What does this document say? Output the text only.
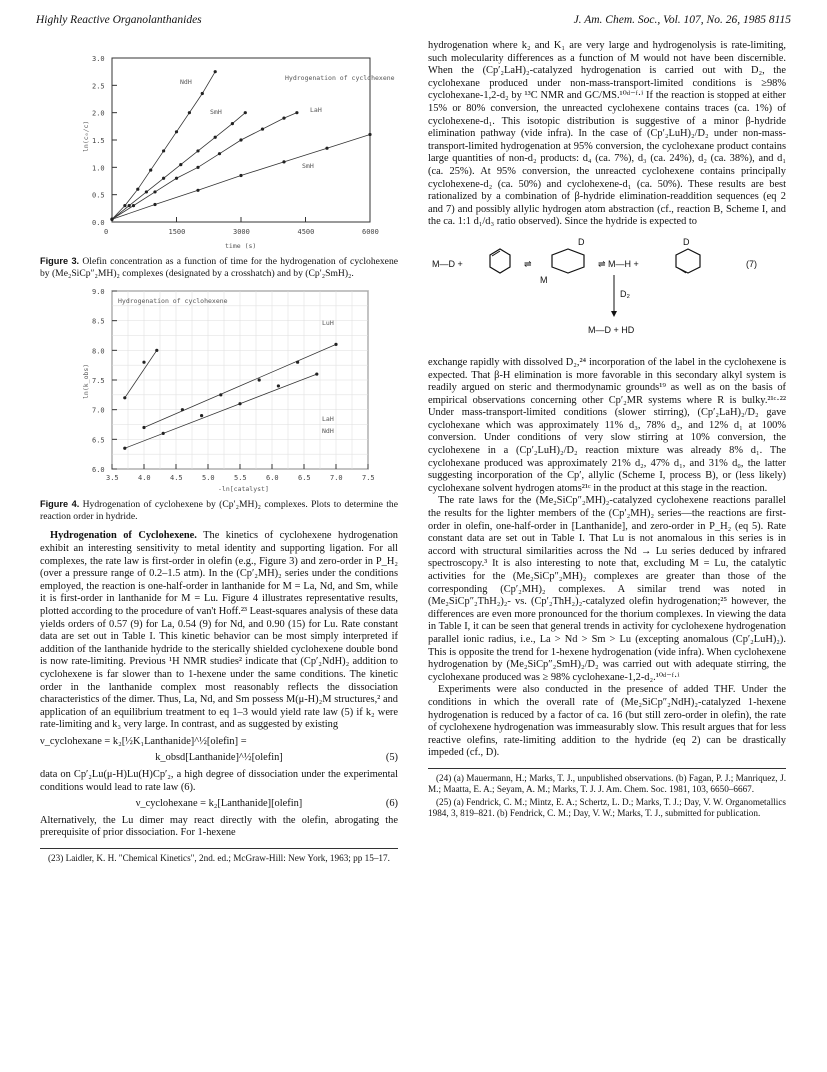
Highly Reactive Organolanthanides	J. Am. Chem. Soc., Vol. 107, No. 26, 1985 8115
0.0
0.5
1.0
1.5
2.0
2.5
3.0
0	1500	3000	4500	6000
Hydrogenation of cyclohexene
NdH
SmH	LaH
SmH
ln(c₀/c)
time (s)
Figure 3. Olefin concentration as a function of time for the hydrogenation of cyclohexene by (Me₂SiCp″₂MH)₂ complexes (designated by a crosshatch) and by (Cp′₂SmH)₂.
6.0
6.5
7.0
7.5
8.0
8.5
9.0
3.5	4.0	4.5	5.0	5.5	6.0	6.5	7.0	7.5
Hydrogenation of cyclohexene
LuH
LaH
NdH
ln(k_obs)
-ln[catalyst]
Figure 4. Hydrogenation of cyclohexene by (Cp′₂MH)₂ complexes. Plots to determine the reaction order in hydride.

Hydrogenation of Cyclohexene. The kinetics of cyclohexene hydrogenation exhibit an interesting sensitivity to metal identity and supporting ligation. For all complexes, the rate law is first-order in olefin (e.g., Figure 3) and zero-order in P_H₂ (over a pressure range of 0.2–1.5 atm). In the (Cp′₂MH)₂ series under the conditions employed, the reaction is one-half-order in lanthanide for M = La, Nd, and Sm, while it is first-order in lanthanide for M = Lu. Figure 4 illustrates representative results, plotted according to the procedure of van't Hoff.²³ Least-squares analysis of these data yields orders of 0.57 (9) for La, 0.54 (9) for Nd, and 0.90 (15) for Lu. Rate constant data are set out in Table I. This kinetic behavior can be most simply interpreted if addition of the lanthanide hydride to the sterically shielded cyclohexene double bond is now rate-limiting. Previous ¹H NMR studies² indicate that (Cp′₂NdH)₂ addition to cyclohexene is far slower than to 1-hexene under the same conditions. The kinetic order in the lanthanide complex most reasonably reflects the dissociation characteristics of the dimer. Thus, La, Nd, and Sm possess M(μ-H)₂M structures,² and application of an equilibrium treatment to eq 1–3 would yield rate law (5) if k₂ were rate-limiting and k₃ very large. In contrast, and as suggested by existing

ν_cyclohexane = k₂[½K₁Lanthanide]^½[olefin] =
k_obsd[Lanthanide]^½[olefin]	(5)

data on Cp′₂Lu(μ-H)Lu(H)Cp′₂, a high degree of dissociation under the experimental conditions would lead to rate law (6).

ν_cyclohexane = k₂[Lanthanide][olefin]	(6)

Alternatively, the Lu dimer may react directly with the olefin, abrogating the prerequisite of prior dissociation. For 1-hexene

(23) Laidler, K. H. "Chemical Kinetics", 2nd. ed.; McGraw-Hill: New York, 1963; pp 15–17.

hydrogenation where k₂ and K₁ are very large and hydrogenolysis is rate-limiting, such molecularity differences as a function of M would not have been discernible. When the (Cp′₂LaH)₂-catalyzed hydrogenation is carried out with D₂, the cyclohexane produced under non-mass-transport-limited conditions is ≥98% cyclohexane-1,2-d₂ by ¹³C NMR and GC/MS.¹⁰ᵈ⁻ᶠ·ⁱ If the reaction is stopped at either 15% or 80% conversion, the unreacted cyclohexene contains traces (ca. 1%) of cyclohexene-d₁. This isotopic distribution is suggestive of a minor β-hydride elimination pathway (vide infra). In the case of (Cp′₂LuH)₂/D₂ under non-mass-transport-limited hydrogenation at 95% conversion, the cyclohexane product contains large quantities of non-d₂ products: d₄ (ca. 7%), d₃ (ca. 24%), d₂ (ca. 38%), and d₁ (ca. 25%). At 95% conversion, the unreacted cyclohexene contains principally cyclohexene-d₂ (ca. 50%) and cyclohexene-d₁ (ca. 50%). These results are best rationalized by a combination of β-hydride elimination-readdition sequences (eq 2 and 7) and possibly allylic hydrogen atom abstraction (cf., reaction B, Scheme I, and the ca. 1:1 d₁/d₃ ratio observed). Since the hydride is expected to

M—D +	⇌
D
M
⇌ M—H +
D
(7)
D₂
M—D + HD

exchange rapidly with dissolved D₂,²⁴ incorporation of the label in the cyclohexene is expected. That β-H elimination is more favorable in this secondary alkyl system is readily argued on steric and thermodynamic grounds¹⁹ as well as on the basis of empirical observations concerning other Cp′₂MR systems where R is bulky.²¹ᶜ·²² Under mass-transport-limited conditions (slower stirring), (Cp′₂LaH)₂/D₂ gave cyclohexane which was approximately 11% d₃, 78% d₂, and 12% d₁ at 100% conversion. Under conditions of very slow stirring at 10% conversion, the cyclohexene in a (Cp′₂LuH)₂/D₂ reaction mixture was already 8% d₁. The cyclohexane produced was approximately 21% d₂, 47% d₁, and 31% d₀, the latter suggesting incorporation of the Cp′, allylic (Scheme I, process B), or (less likely) cyclohexane solvent hydrogen atoms²¹ᶜ in the product at this stage in the reaction.

The rate laws for the (Me₂SiCp″₂MH)₂-catalyzed cyclohexene reactions parallel the results for the lighter members of the (Cp′₂MH)₂ series—the reactions are first-order in olefin, one-half-order in [Lanthanide], and zero-order in P_H₂ (eq 5). Rate constant data are set out in Table I. That Lu is not anomalous in this series is in accord with structural similarities across the Nd → Lu series deduced by infrared spectroscopy.³ It is also interesting to note that, excluding M = Lu, the catalytic activities for the (Me₂SiCp″₂MH)₂ complexes are greater than those of the corresponding (Cp′₂MH)₂ complexes. A similar trend was noted in (Me₂SiCp″₂ThH₂)₂- vs. (Cp′₂ThH₂)₂-catalyzed olefin hydrogenation;²⁵ however, the differences are even more pronounced for the thorium complexes. In viewing the data in Table I, it can be seen that general trends in activity for cyclohexene hydrogenation parallel ionic radius, i.e., La > Nd > Sm > Lu (excepting anomalous (Cp′₂LuH)₂). This is opposite the trend for 1-hexene hydrogenation (vide infra). When cyclohexene hydrogenation by (Me₂SiCp″₂SmH)₂/D₂ was carried out with adequate stirring, the cyclohexane produced was ≥ 98% cyclohexane-1,2-d₂.¹⁰ᵈ⁻ᶠ·ⁱ

Experiments were also conducted in the presence of added THF. Under the conditions in which the overall rate of (Me₂SiCp″₂NdH)₂-catalyzed 1-hexene hydrogenation is reduced by a factor of ca. 16 (but still zero-order in olefin), the rate of cyclohexene hydrogenation was immeasurably slow. This result argues that for less reactive olefins, rate-limiting addition to the hydride (eq 2) can be drastically impeded (cf., D).

(24) (a) Mauermann, H.; Marks, T. J., unpublished observations. (b) Fagan, P. J.; Manriquez, J. M.; Maatta, E. A.; Seyam, A. M.; Marks, T. J. J. Am. Chem. Soc. 1981, 103, 6650–6667.

(25) (a) Fendrick, C. M.; Mintz, E. A.; Schertz, L. D.; Marks, T. J.; Day, V. W. Organometallics 1984, 3, 819–821. (b) Fendrick, C. M.; Day, V. W.; Marks, T. J., submitted for publication.
